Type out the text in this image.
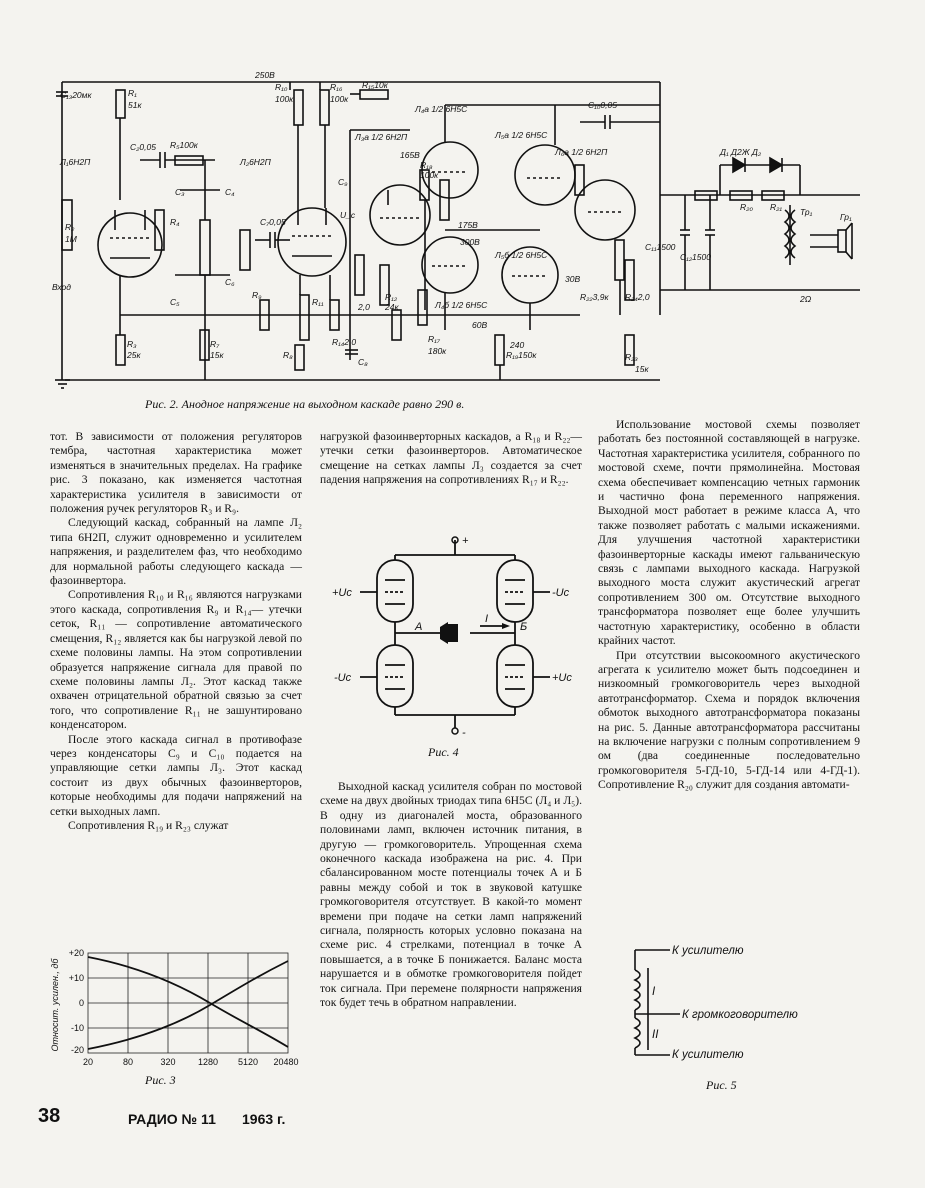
C₁₃20мк	R₁
51к
R₂
1М
R₃
25к
C₂0,05 R₅100к
Л₁6Н2П	Л₂6Н2П
Л₃а 1/2 6Н2П
Л₄а 1/2 6Н5С
Л₅а 1/2 6Н5С
Л₆а 1/2 6Н2П
Л₄б 1/2 6Н5С
Л₅б 1/2 6Н5С
250В
165В
175В
300В
60В
30В
240
R₁₀
100к
R₁₅10к
R₁₆
100к
C₁₀0,05
C₁₁1500
C₁₂1500
Вход
2Ω
Д₁ Д2Ж Д₂
Тр₁	Гр₁
R₂₀ R₂₁
R₂₂3,9к
R₂₃
R₂₄2,0
R₁₉150к
R₁₇
180к
R₁₈
100к
15к
2,0
R₁₂
24к
R₁₄2,0
R₁₁
R₉
C₉
R₈
R₇
15к
C₇0,05
R₄
C₃	C₄
C₅
C₆
C₈
U_c
Рис. 2. Анодное напряжение на выходном каскаде равно 290 в.

тот. В зависимости от положения регуляторов тембра, частотная характеристика может изменяться в значительных пределах. На графике рис. 3 показано, как изменяется частотная характеристика усилителя в зависимости от положения ручек регуляторов R₃ и R₉.

Следующий каскад, собранный на лампе Л₂ типа 6Н2П, служит одновременно и усилителем напряжения, и разделителем фаз, что необходимо для нормальной работы следующего каскада — фазоинвертора.

Сопротивления R₁₀ и R₁₆ являются нагрузками этого каскада, сопротивления R₉ и R₁₄— утечки сеток, R₁₁ — сопротивление автоматического смещения, R₁₂ является как бы нагрузкой левой по схеме половины лампы. На этом сопротивлении образуется напряжение сигнала для правой по схеме половины лампы Л₂. Этот каскад также охвачен отрицательной обратной связью за счет того, что сопротивление R₁₁ не зашунтировано конденсатором.

После этого каскада сигнал в противофазе через конденсаторы C₉ и C₁₀ подается на управляющие сетки лампы Л₃. Этот каскад состоит из двух обычных фазоинверторов, которые необходимы для подачи напряжений на сетки выходных ламп.

Сопротивления R₁₉ и R₂₃ служат

Относит. усилен., дб
+20
+10
0
-10
-20
20	80	320 1280 5120 20480
Рис. 3

нагрузкой фазоинверторных каскадов, а R₁₈ и R₂₂— утечки сетки фазоинверторов. Автоматическое смещение на сетках лампы Л₃ создается за счет падения напряжения на сопротивлениях R₁₇ и R₂₂.

+
-
+Uc	-Uc
-Uc	+Uc
А	Б
I
Рис. 4

Выходной каскад усилителя собран по мостовой схеме на двух двойных триодах типа 6Н5С (Л₄ и Л₅). В одну из диагоналей моста, образованного половинами ламп, включен источник питания, в другую — громкоговоритель. Упрощенная схема оконечного каскада изображена на рис. 4. При сбалансированном мосте потенциалы точек А и Б равны между собой и ток в звуковой катушке громкоговорителя отсутствует. В какой-то момент времени при подаче на сетки ламп напряжений сигнала, полярность которых условно показана на схеме рис. 4 стрелками, потенциал в точке А повышается, а в точке Б понижается. Баланс моста нарушается и в обмотке громкоговорителя пойдет ток сигнала. При перемене полярности напряжения ток будет течь в обратном направлении.

Использование мостовой схемы позволяет работать без постоянной составляющей в нагрузке. Частотная характеристика усилителя, собранного по мостовой схеме, почти прямолинейна. Мостовая схема обеспечивает компенсацию четных гармоник и частично фона переменного напряжения. Выходной мост работает в режиме класса А, что также позволяет работать с малыми искажениями. Для улучшения частотной характеристики фазоинверторные каскады имеют гальваническую связь с лампами выходного каскада. Нагрузкой выходного моста служит акустический агрегат сопротивлением 300 ом. Отсутствие выходного трансформатора позволяет еще более улучшить частотную характеристику, особенно в области крайних частот.

При отсутствии высокоомного акустического агрегата к усилителю может быть подсоединен и низкоомный громкоговоритель через выходной автотрансформатор. Схема и порядок включения обмоток выходного автотрансформатора показаны на рис. 5. Данные автотрансформатора рассчитаны на включение нагрузки с полным сопротивлением 9 ом (два соединенные последовательно громкоговорителя 5-ГД-10, 5-ГД-14 или 4-ГД-1). Сопротивление R₂₀ служит для создания автомати-

К усилителю
К громкоговорителю
К усилителю
I
II
Рис. 5
38	РАДИО № 11 1963 г.
